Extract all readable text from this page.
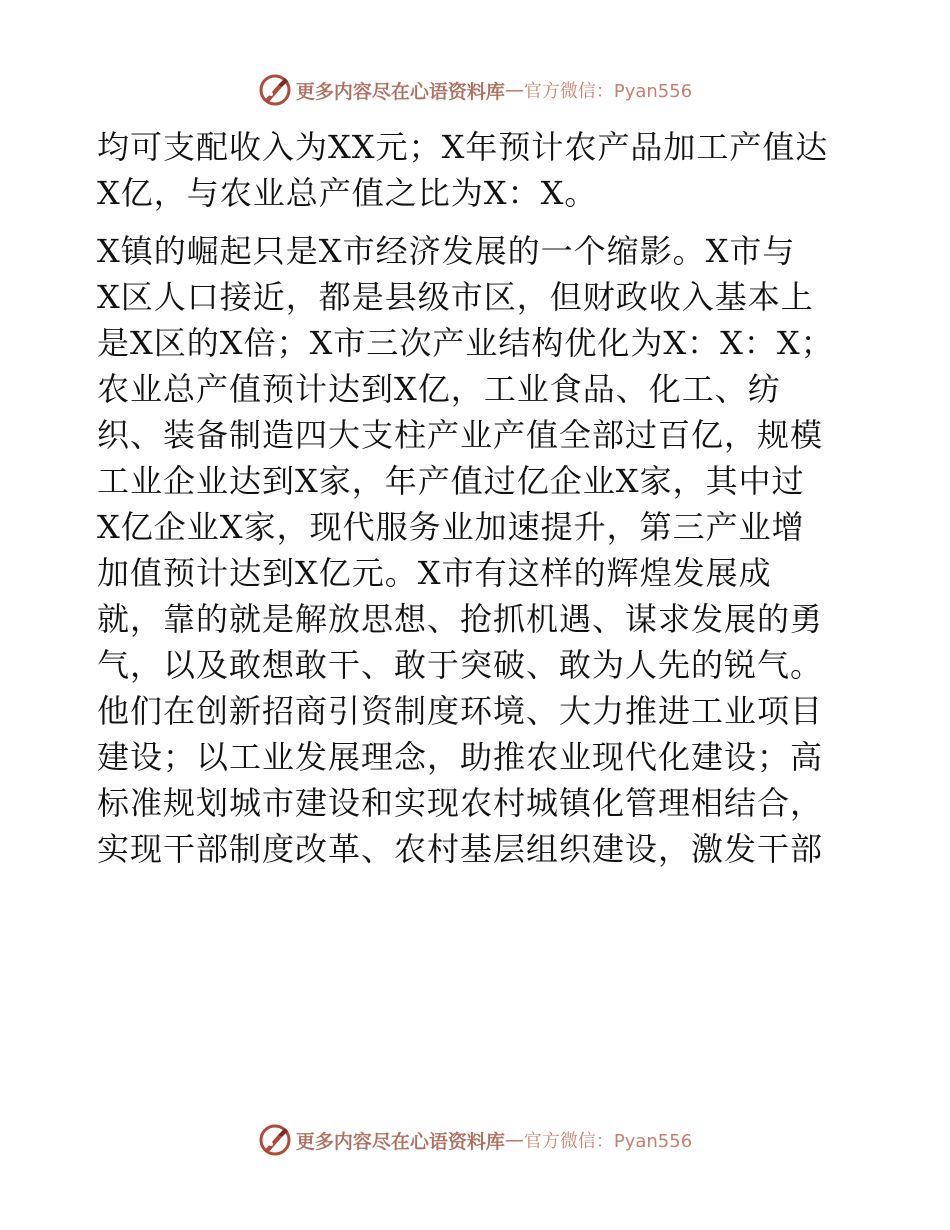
更多内容尽在心语资料库 — 官方微信：Pyan556
均可支配收入为XX元；X年预计农产品加工产值达
X亿，与农业总产值之比为X：X。
X镇的崛起只是X市经济发展的一个缩影。X市与
X区人口接近，都是县级市区，但财政收入基本上
是X区的X倍；X市三次产业结构优化为X：X：X；
农业总产值预计达到X亿，工业食品、化工、纺
织、装备制造四大支柱产业产值全部过百亿，规模
工业企业达到X家，年产值过亿企业X家，其中过
X亿企业X家，现代服务业加速提升，第三产业增
加值预计达到X亿元。X市有这样的辉煌发展成
就，靠的就是解放思想、抢抓机遇、谋求发展的勇
气，以及敢想敢干、敢于突破、敢为人先的锐气。
他们在创新招商引资制度环境、大力推进工业项目
建设；以工业发展理念，助推农业现代化建设；高
标准规划城市建设和实现农村城镇化管理相结合，
实现干部制度改革、农村基层组织建设，激发干部
更多内容尽在心语资料库 — 官方微信：Pyan556
